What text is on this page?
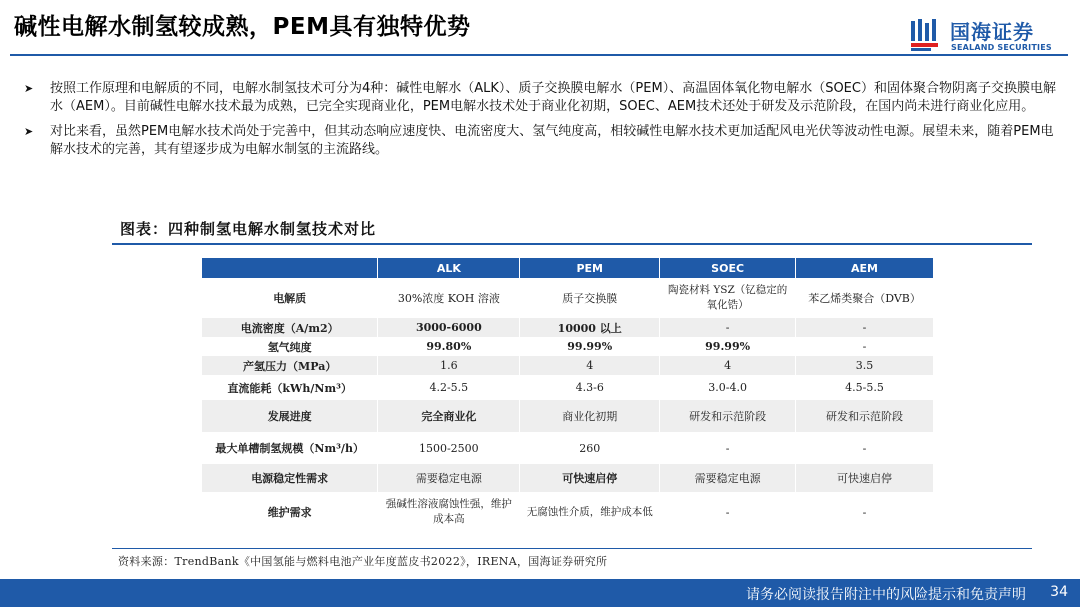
碱性电解水制氢较成熟，PEM具有独特优势	国海证券
SEALAND SECURITIES
➤ 按照工作原理和电解质的不同，电解水制氢技术可分为4种：碱性电解水（ALK）、质子交换膜电解水（PEM）、高温固体氧化物电解水（SOEC）和固体聚合物阴离子交换膜电解水（AEM）。目前碱性电解水技术最为成熟，已完全实现商业化，PEM电解水技术处于商业化初期，SOEC、AEM技术还处于研发及示范阶段，在国内尚未进行商业化应用。
➤ 对比来看，虽然PEM电解水技术尚处于完善中，但其动态响应速度快、电流密度大、氢气纯度高，相较碱性电解水技术更加适配风电光伏等波动性电源。展望未来，随着PEM电解水技术的完善，其有望逐步成为电解水制氢的主流路线。
图表：四种制氢电解水制氢技术对比
	ALK	PEM	SOEC	AEM
电解质	30%浓度 KOH 溶液	质子交换膜	陶瓷材料 YSZ（钇稳定的氧化锆）	苯乙烯类聚合（DVB）
电流密度（A/m2）	3000-6000	10000 以上	-	-
氢气纯度	99.80%	99.99%	99.99%	-
产氢压力（MPa）	1.6	4	4	3.5
直流能耗（kWh/Nm³）	4.2-5.5	4.3-6	3.0-4.0	4.5-5.5
发展进度	完全商业化	商业化初期	研发和示范阶段	研发和示范阶段
最大单槽制氢规模（Nm³/h）	1500-2500	260	-	-
电源稳定性需求	需要稳定电源	可快速启停	需要稳定电源	可快速启停
维护需求	强碱性溶液腐蚀性强，维护成本高	无腐蚀性介质，维护成本低	-	-
资料来源：TrendBank《中国氢能与燃料电池产业年度蓝皮书2022》，IRENA，国海证券研究所
请务必阅读报告附注中的风险提示和免责声明 34
